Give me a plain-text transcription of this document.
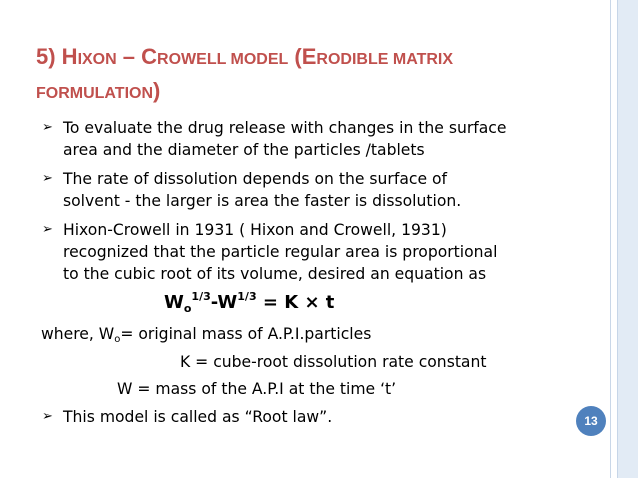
5) HIXON – CROWELL MODEL (ERODIBLE MATRIX
FORMULATION)
➢ To evaluate the drug release with changes in the surface
area and the diameter of the particles /tablets
➢ The rate of dissolution depends on the surface of
solvent - the larger is area the faster is dissolution.
➢ Hixon-Crowell in 1931 ( Hixon and Crowell, 1931)
recognized that the particle regular area is proportional
to the cubic root of its volume, desired an equation as
$W_o^{1/3}-W^{1/3} = K \times t$
where, $W_o=$ original mass of A.P.I.particles
K = cube-root dissolution rate constant
W = mass of the A.P.I at the time ‘t’
➢ This model is called as “Root law”.	13
